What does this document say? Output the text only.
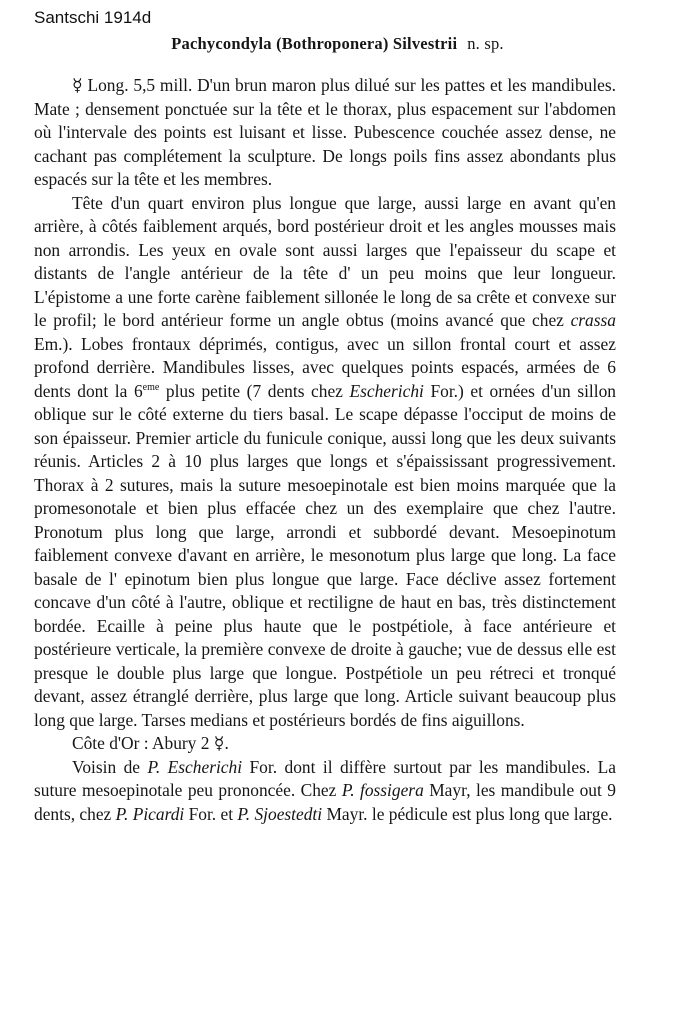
Santschi 1914d
Pachycondyla (Bothroponera) Silvestrii n. sp.

☿ Long. 5,5 mill. D'un brun maron plus dilué sur les pattes et les mandibules. Mate ; densement ponctuée sur la tête et le thorax, plus espacement sur l'abdomen où l'intervale des points est luisant et lisse. Pubescence couchée assez dense, ne cachant pas complétement la sculpture. De longs poils fins assez abondants plus espacés sur la tête et les membres.

Tête d'un quart environ plus longue que large, aussi large en avant qu'en arrière, à côtés faiblement arqués, bord postérieur droit et les angles mousses mais non arrondis. Les yeux en ovale sont aussi larges que l'epaisseur du scape et distants de l'angle antérieur de la tête d' un peu moins que leur longueur. L'épistome a une forte carène faiblement sillonée le long de sa crête et convexe sur le profil; le bord antérieur forme un angle obtus (moins avancé que chez crassa Em.). Lobes frontaux déprimés, contigus, avec un sillon frontal court et assez profond derrière. Mandibules lisses, avec quelques points espacés, armées de 6 dents dont la 6eme plus petite (7 dents chez Escherichi For.) et ornées d'un sillon oblique sur le côté externe du tiers basal. Le scape dépasse l'occiput de moins de son épaisseur. Premier article du funicule conique, aussi long que les deux suivants réunis. Articles 2 à 10 plus larges que longs et s'épaississant progressivement. Thorax à 2 sutures, mais la suture mesoepinotale est bien moins marquée que la promesonotale et bien plus effacée chez un des exemplaire que chez l'autre. Pronotum plus long que large, arrondi et subbordé devant. Mesoepinotum faiblement convexe d'avant en arrière, le mesonotum plus large que long. La face basale de l' epinotum bien plus longue que large. Face déclive assez fortement concave d'un côté à l'autre, oblique et rectiligne de haut en bas, très distinctement bordée. Ecaille à peine plus haute que le postpétiole, à face antérieure et postérieure verticale, la première convexe de droite à gauche; vue de dessus elle est presque le double plus large que longue. Postpétiole un peu rétreci et tronqué devant, assez étranglé derrière, plus large que long. Article suivant beaucoup plus long que large. Tarses medians et postérieurs bordés de fins aiguillons.

Côte d'Or : Abury 2 ☿.

Voisin de P. Escherichi For. dont il diffère surtout par les mandibules. La suture mesoepinotale peu prononcée. Chez P. fossigera Mayr, les mandibule out 9 dents, chez P. Picardi For. et P. Sjoestedti Mayr. le pédicule est plus long que large.
